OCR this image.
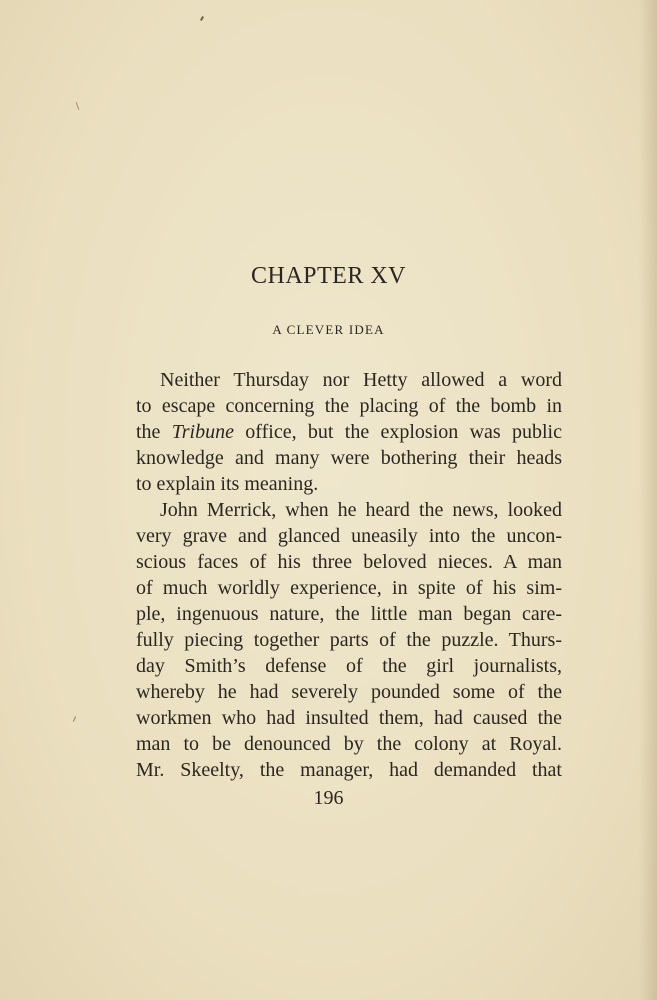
CHAPTER XV
A CLEVER IDEA

Neither Thursday nor Hetty allowed a word

to escape concerning the placing of the bomb in

the Tribune office, but the explosion was public

knowledge and many were bothering their heads

to explain its meaning.

John Merrick, when he heard the news, looked

very grave and glanced uneasily into the uncon-

scious faces of his three beloved nieces. A man

of much worldly experience, in spite of his sim-

ple, ingenuous nature, the little man began care-

fully piecing together parts of the puzzle. Thurs-

day Smith’s defense of the girl journalists,

whereby he had severely pounded some of the

workmen who had insulted them, had caused the

man to be denounced by the colony at Royal.

Mr. Skeelty, the manager, had demanded that

196
